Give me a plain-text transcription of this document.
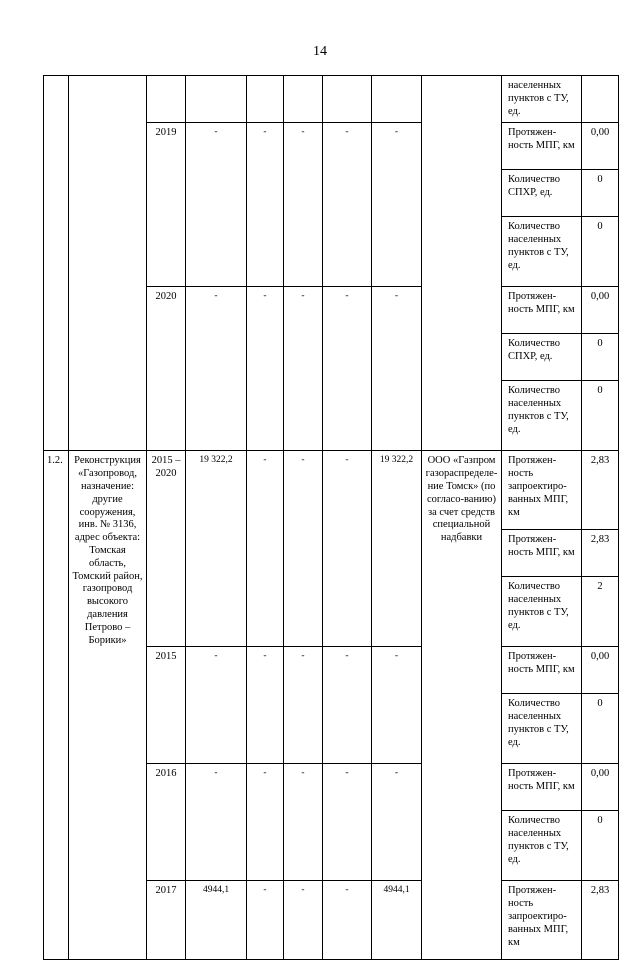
14
									населенных пунктов с ТУ, ед.	
		2019	-	-	-	-	-		Протяжен-ность МПГ, км	0,00
									Количество СПХР, ед.	0
									Количество населенных пунктов с ТУ, ед.	0
		2020	-	-	-	-	-		Протяжен-ность МПГ, км	0,00
									Количество СПХР, ед.	0
									Количество населенных пунктов с ТУ, ед.	0
1.2.	Реконструкция «Газопровод, назначение: другие сооружения, инв. № 3136, адрес объекта: Томская область, Томский район, газопровод высокого давления Петрово – Борики»	2015 – 2020	19 322,2	-	-	-	19 322,2	ООО «Газпром газораспределе-ние Томск» (по согласо-ванию) за счет средств специальной надбавки	Протяжен-ность запроектиро-ванных МПГ, км	2,83
									Протяжен-ность МПГ, км	2,83
									Количество населенных пунктов с ТУ, ед.	2
		2015	-	-	-	-	-		Протяжен-ность МПГ, км	0,00
									Количество населенных пунктов с ТУ, ед.	0
		2016	-	-	-	-	-		Протяжен-ность МПГ, км	0,00
									Количество населенных пунктов с ТУ, ед.	0
		2017	4944,1	-	-	-	4944,1		Протяжен-ность запроектиро-ванных МПГ, км	2,83
